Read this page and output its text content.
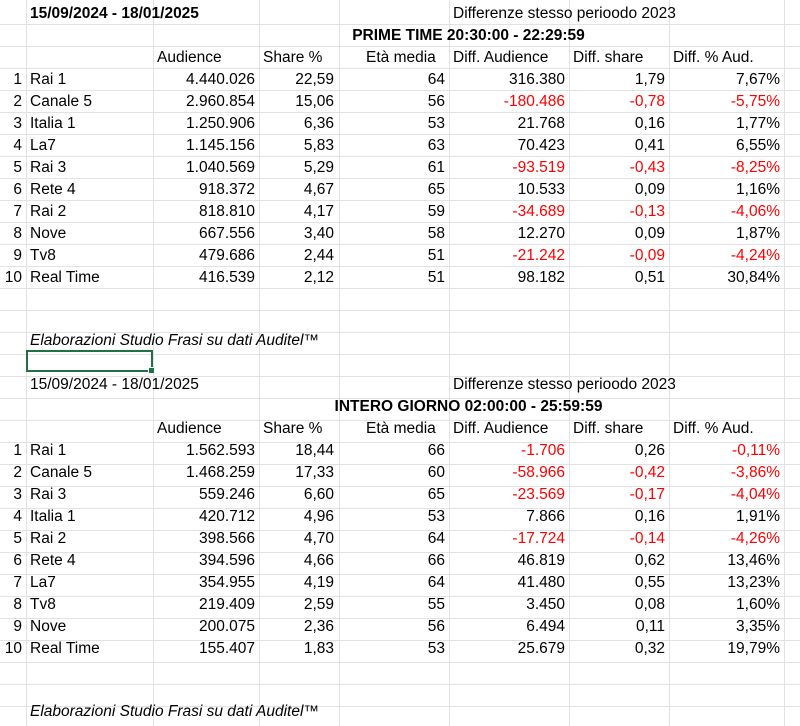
15/09/2024 - 18/01/2025	Differenze stesso perioodo 2023
PRIME TIME 20:30:00 - 22:29:59
Audience	Share %	Età media	Diff. Audience	Diff. share	Diff. % Aud.
1 Rai 1	4.440.026	22,59	64	316.380	1,79	7,67%
2 Canale 5	2.960.854	15,06	56	-180.486	-0,78	-5,75%
3 Italia 1	1.250.906	6,36	53	21.768	0,16	1,77%
4 La7	1.145.156	5,83	63	70.423	0,41	6,55%
5 Rai 3	1.040.569	5,29	61	-93.519	-0,43	-8,25%
6 Rete 4	918.372	4,67	65	10.533	0,09	1,16%
7 Rai 2	818.810	4,17	59	-34.689	-0,13	-4,06%
8 Nove	667.556	3,40	58	12.270	0,09	1,87%
9 Tv8	479.686	2,44	51	-21.242	-0,09	-4,24%
10 Real Time	416.539	2,12	51	98.182	0,51	30,84%
Elaborazioni Studio Frasi su dati Auditel™
15/09/2024 - 18/01/2025	Differenze stesso perioodo 2023
INTERO GIORNO 02:00:00 - 25:59:59
Audience	Share %	Età media	Diff. Audience	Diff. share	Diff. % Aud.
1 Rai 1	1.562.593	18,44	66	-1.706	0,26	-0,11%
2 Canale 5	1.468.259	17,33	60	-58.966	-0,42	-3,86%
3 Rai 3	559.246	6,60	65	-23.569	-0,17	-4,04%
4 Italia 1	420.712	4,96	53	7.866	0,16	1,91%
5 Rai 2	398.566	4,70	64	-17.724	-0,14	-4,26%
6 Rete 4	394.596	4,66	66	46.819	0,62	13,46%
7 La7	354.955	4,19	64	41.480	0,55	13,23%
8 Tv8	219.409	2,59	55	3.450	0,08	1,60%
9 Nove	200.075	2,36	56	6.494	0,11	3,35%
10 Real Time	155.407	1,83	53	25.679	0,32	19,79%
Elaborazioni Studio Frasi su dati Auditel™
